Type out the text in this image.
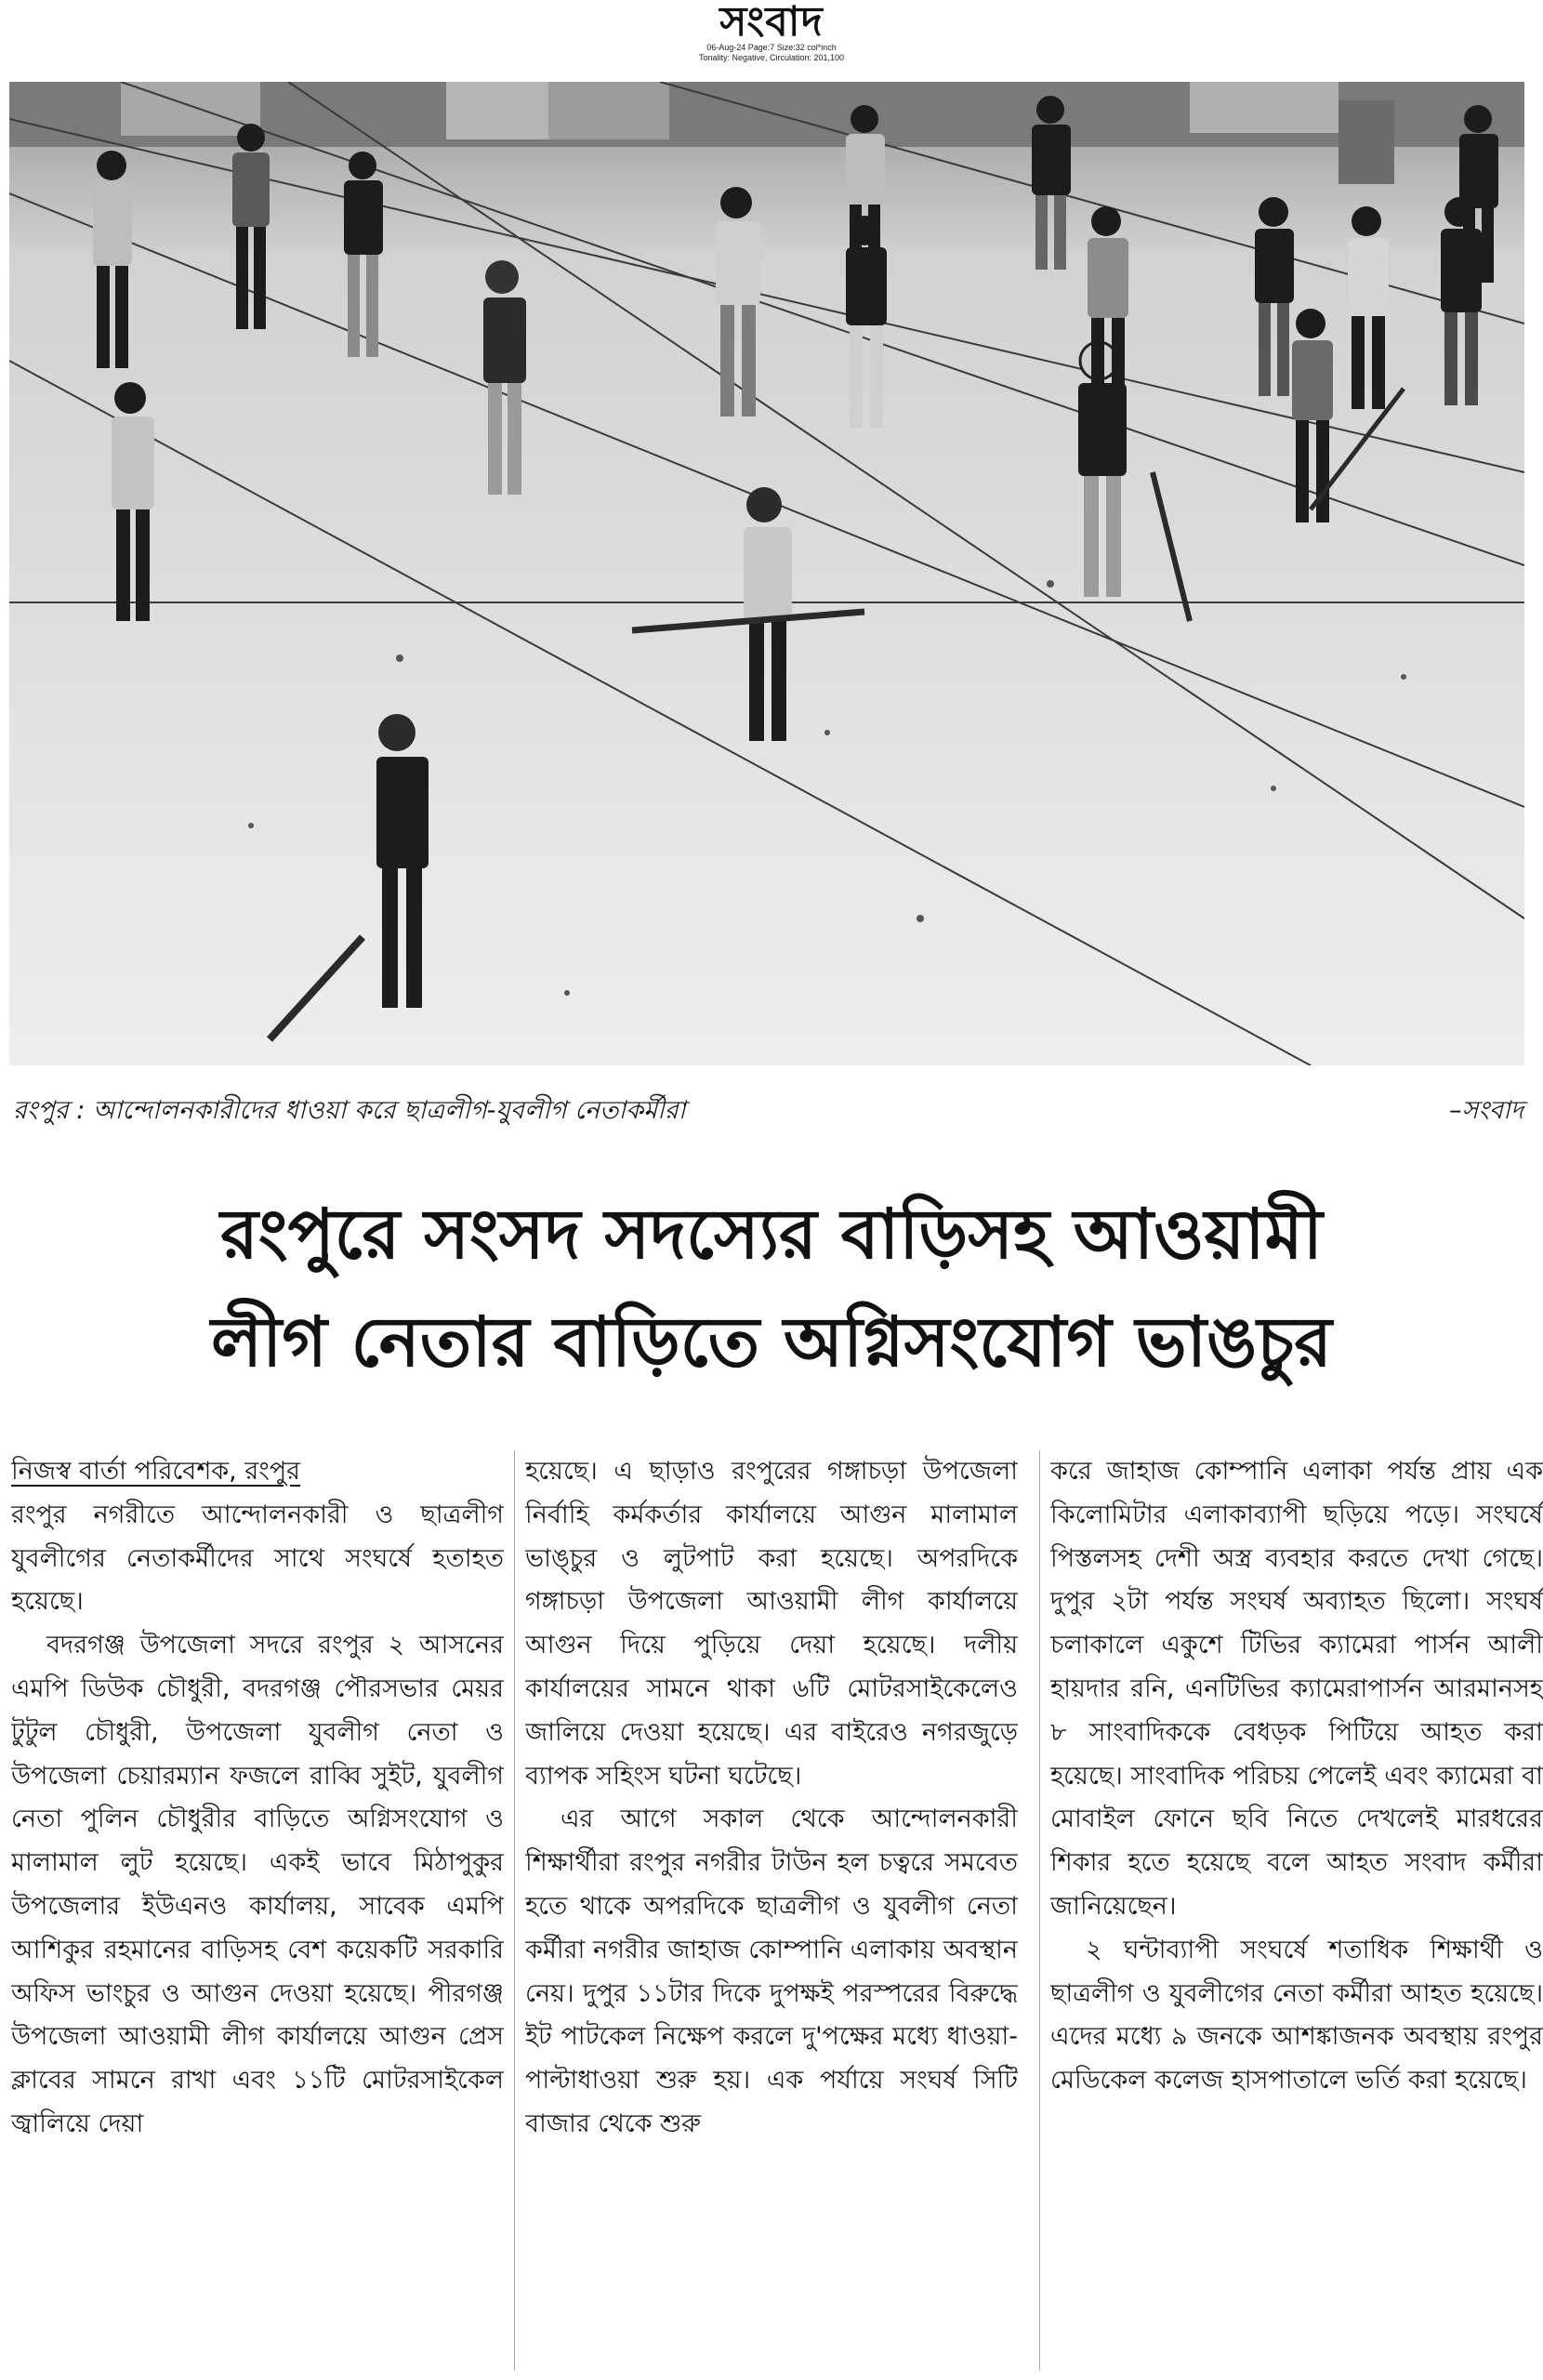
সংবাদ
06-Aug-24 Page:7 Size:32 col*inch
Tonality: Negative, Circulation: 201,100
রংপুর : আন্দোলনকারীদের ধাওয়া করে ছাত্রলীগ-যুবলীগ নেতাকর্মীরা	–সংবাদ
রংপুরে সংসদ সদস্যের বাড়িসহ আওয়ামী
লীগ নেতার বাড়িতে অগ্নিসংযোগ ভাঙচুর
নিজস্ব বার্তা পরিবেশক, রংপুর

রংপুর নগরীতে আন্দোলনকারী ও ছাত্রলীগ যুবলীগের নেতাকর্মীদের সাথে সংঘর্ষে হতাহত হয়েছে।

বদরগঞ্জ উপজেলা সদরে রংপুর ২ আসনের এমপি ডিউক চৌধুরী, বদরগঞ্জ পৌরসভার মেয়র টুটুল চৌধুরী, উপজেলা যুবলীগ নেতা ও উপজেলা চেয়ারম্যান ফজলে রাব্বি সুইট, যুবলীগ নেতা পুলিন চৌধুরীর বাড়িতে অগ্নিসংযোগ ও মালামাল লুট হয়েছে। একই ভাবে মিঠাপুকুর উপজেলার ইউএনও কার্যালয়, সাবেক এমপি আশিকুর রহমানের বাড়িসহ বেশ কয়েকটি সরকারি অফিস ভাংচুর ও আগুন দেওয়া হয়েছে। পীরগঞ্জ উপজেলা আওয়ামী লীগ কার্যালয়ে আগুন প্রেস ক্লাবের সামনে রাখা এবং ১১টি মোটরসাইকেল জ্বালিয়ে দেয়া

হয়েছে। এ ছাড়াও রংপুরের গঙ্গাচড়া উপজেলা নির্বাহি কর্মকর্তার কার্যালয়ে আগুন মালামাল ভাঙ্চুর ও লুটপাট করা হয়েছে। অপরদিকে গঙ্গাচড়া উপজেলা আওয়ামী লীগ কার্যালয়ে আগুন দিয়ে পুড়িয়ে দেয়া হয়েছে। দলীয় কার্যালয়ের সামনে থাকা ৬টি মোটরসাইকেলেও জালিয়ে দেওয়া হয়েছে। এর বাইরেও নগরজুড়ে ব্যাপক সহিংস ঘটনা ঘটেছে।

এর আগে সকাল থেকে আন্দোলনকারী শিক্ষার্থীরা রংপুর নগরীর টাউন হল চত্বরে সমবেত হতে থাকে অপরদিকে ছাত্রলীগ ও যুবলীগ নেতা কর্মীরা নগরীর জাহাজ কোম্পানি এলাকায় অবস্থান নেয়। দুপুর ১১টার দিকে দুপক্ষই পরস্পরের বিরুদ্ধে ইট পাটকেল নিক্ষেপ করলে দু'পক্ষের মধ্যে ধাওয়া-পাল্টাধাওয়া শুরু হয়। এক পর্যায়ে সংঘর্ষ সিটি বাজার থেকে শুরু

করে জাহাজ কোম্পানি এলাকা পর্যন্ত প্রায় এক কিলোমিটার এলাকাব্যাপী ছড়িয়ে পড়ে। সংঘর্ষে পিস্তলসহ দেশী অস্ত্র ব্যবহার করতে দেখা গেছে। দুপুর ২টা পর্যন্ত সংঘর্ষ অব্যাহত ছিলো। সংঘর্ষ চলাকালে একুশে টিভির ক্যামেরা পার্সন আলী হায়দার রনি, এনটিভির ক্যামেরাপার্সন আরমানসহ ৮ সাংবাদিককে বেধড়ক পিটিয়ে আহত করা হয়েছে। সাংবাদিক পরিচয় পেলেই এবং ক্যামেরা বা মোবাইল ফোনে ছবি নিতে দেখলেই মারধরের শিকার হতে হয়েছে বলে আহত সংবাদ কর্মীরা জানিয়েছেন।

২ ঘন্টাব্যাপী সংঘর্ষে শতাধিক শিক্ষার্থী ও ছাত্রলীগ ও যুবলীগের নেতা কর্মীরা আহত হয়েছে। এদের মধ্যে ৯ জনকে আশঙ্কাজনক অবস্থায় রংপুর মেডিকেল কলেজ হাসপাতালে ভর্তি করা হয়েছে।
